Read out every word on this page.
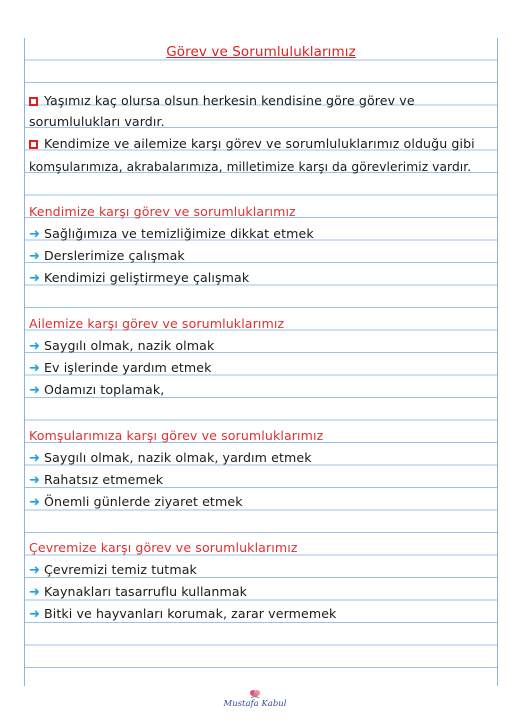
Görev ve Sorumluluklarımız
Yaşımız kaç olursa olsun herkesin kendisine göre görev ve
sorumlulukları vardır.
Kendimize ve ailemize karşı görev ve sorumluluklarımız olduğu gibi
komşularımıza, akrabalarımıza, milletimize karşı da görevlerimiz vardır.
Kendimize karşı görev ve sorumluklarımız
➜ Sağlığımıza ve temizliğimize dikkat etmek
➜ Derslerimize çalışmak
➜ Kendimizi geliştirmeye çalışmak
Ailemize karşı görev ve sorumluklarımız
➜ Saygılı olmak, nazik olmak
➜ Ev işlerinde yardım etmek
➜ Odamızı toplamak,
Komşularımıza karşı görev ve sorumluklarımız
➜ Saygılı olmak, nazik olmak, yardım etmek
➜ Rahatsız etmemek
➜ Önemli günlerde ziyaret etmek
Çevremize karşı görev ve sorumluklarımız
➜ Çevremizi temiz tutmak
➜ Kaynakları tasarruflu kullanmak
➜ Bitki ve hayvanları korumak, zarar vermemek
Mustafa Kabul
